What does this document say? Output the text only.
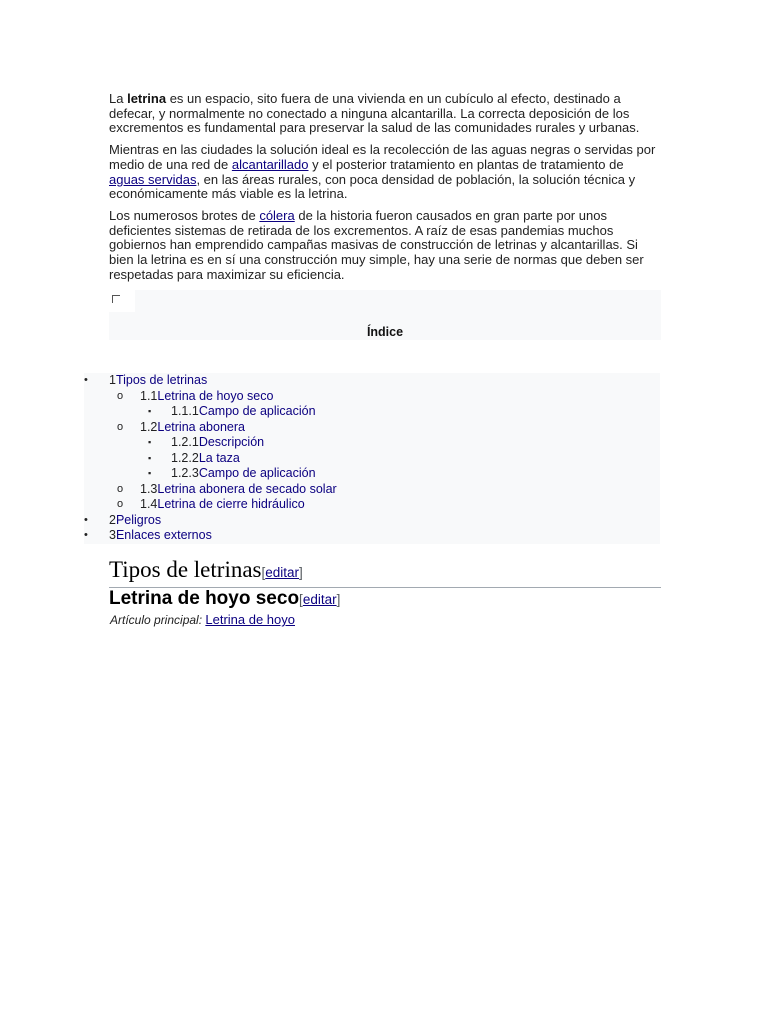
La letrina es un espacio, sito fuera de una vivienda en un cubículo al efecto, destinado a defecar, y normalmente no conectado a ninguna alcantarilla. La correcta deposición de los excrementos es fundamental para preservar la salud de las comunidades rurales y urbanas.

Mientras en las ciudades la solución ideal es la recolección de las aguas negras o servidas por medio de una red de alcantarillado y el posterior tratamiento en plantas de tratamiento de aguas servidas, en las áreas rurales, con poca densidad de población, la solución técnica y económicamente más viable es la letrina.

Los numerosos brotes de cólera de la historia fueron causados en gran parte por unos deficientes sistemas de retirada de los excrementos. A raíz de esas pandemias muchos gobiernos han emprendido campañas masivas de construcción de letrinas y alcantarillas. Si bien la letrina es en sí una construcción muy simple, hay una serie de normas que deben ser respetadas para maximizar su eficiencia.

Índice
• 1Tipos de letrinas
o 1.1Letrina de hoyo seco
▪ 1.1.1Campo de aplicación
o 1.2Letrina abonera
▪ 1.2.1Descripción
▪ 1.2.2La taza
▪ 1.2.3Campo de aplicación
o 1.3Letrina abonera de secado solar
o 1.4Letrina de cierre hidráulico
• 2Peligros
• 3Enlaces externos
Tipos de letrinas[editar]
Letrina de hoyo seco[editar]
Artículo principal: Letrina de hoyo
